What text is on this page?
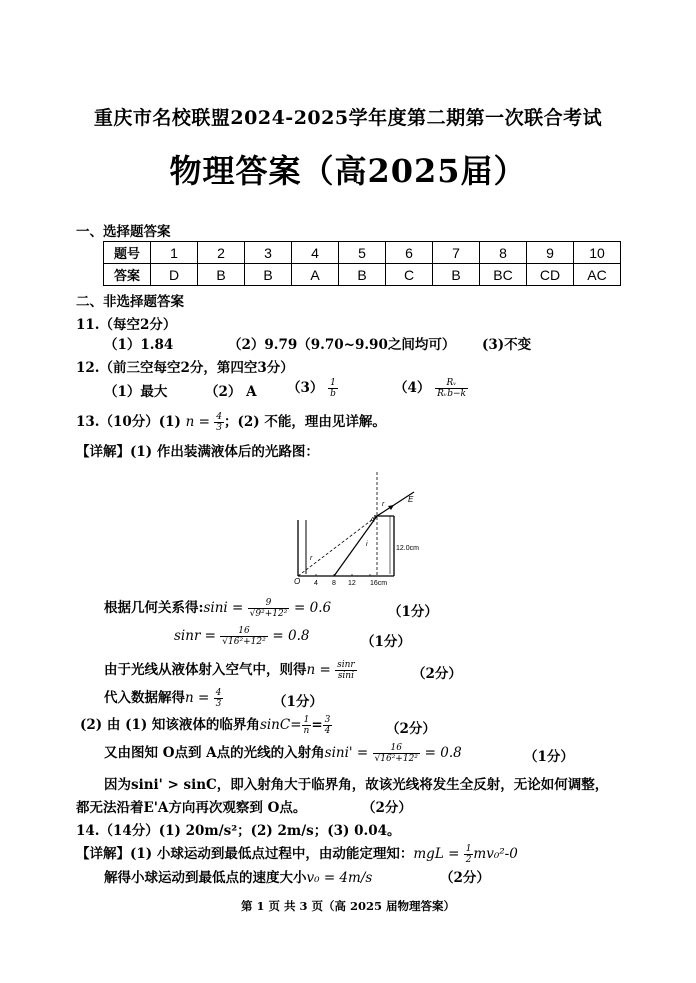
重庆市名校联盟2024-2025学年度第二期第一次联合考试
物理答案（高2025届）
一、选择题答案
题号	1	2	3	4	5	6	7	8	9	10
答案	D	B	B	A	B	C	B	BC	CD	AC
二、非选择题答案
11.（每空2分）
（1）1.84	（2）9.79（9.70~9.90之间均可） (3)不变
12.（前三空每空2分，第四空3分）
（1）最大	（2） A $(3) \frac{1}{b}$	$(4) \frac{\text{Rᵥ}}{\text{Rᵥb−k}}$
13.（10分）(1) $n = \frac{4}{3}$ ；(2) 不能，理由见详解。
【详解】(1) 作出装满液体后的光路图：
O 4 8 12 16cm
12.0cm
r
i
r
E
A
根据几何关系得:sini = $\frac{9}{\text{√9²+12²}} = 0.6$	（1分）
$\sin r = \frac{16}{\text{√16²+12²}} = 0.8$	（1分）
由于光线从液体射入空气中，则得$n = \frac{\sin r}{\sin i}$	（2分）
代入数据解得$n = \frac{4}{3}$	（1分）
(2) 由 (1) 知该液体的临界角$\sin C= \frac{1}{n} = \frac{3}{4}$	（2分）
又由图知 O点到 A点的光线的入射角$\sin i' = \frac{16}{\text{√16²+12²}} = 0.8$	（1分）
因为sini' > sinC，即入射角大于临界角，故该光线将发生全反射，无论如何调整，
都无法沿着E'A方向再次观察到 O点。	（2分）
14.（14分）(1) 20m/s²；(2) 2m/s；(3) 0.04。
【详解】(1) 小球运动到最低点过程中，由动能定理知：mgL = $\frac{1}{2} mv_0^2-0$
解得小球运动到最低点的速度大小v₀ = 4m/s	（2分）
第 1 页 共 3 页（高 2025 届物理答案）
